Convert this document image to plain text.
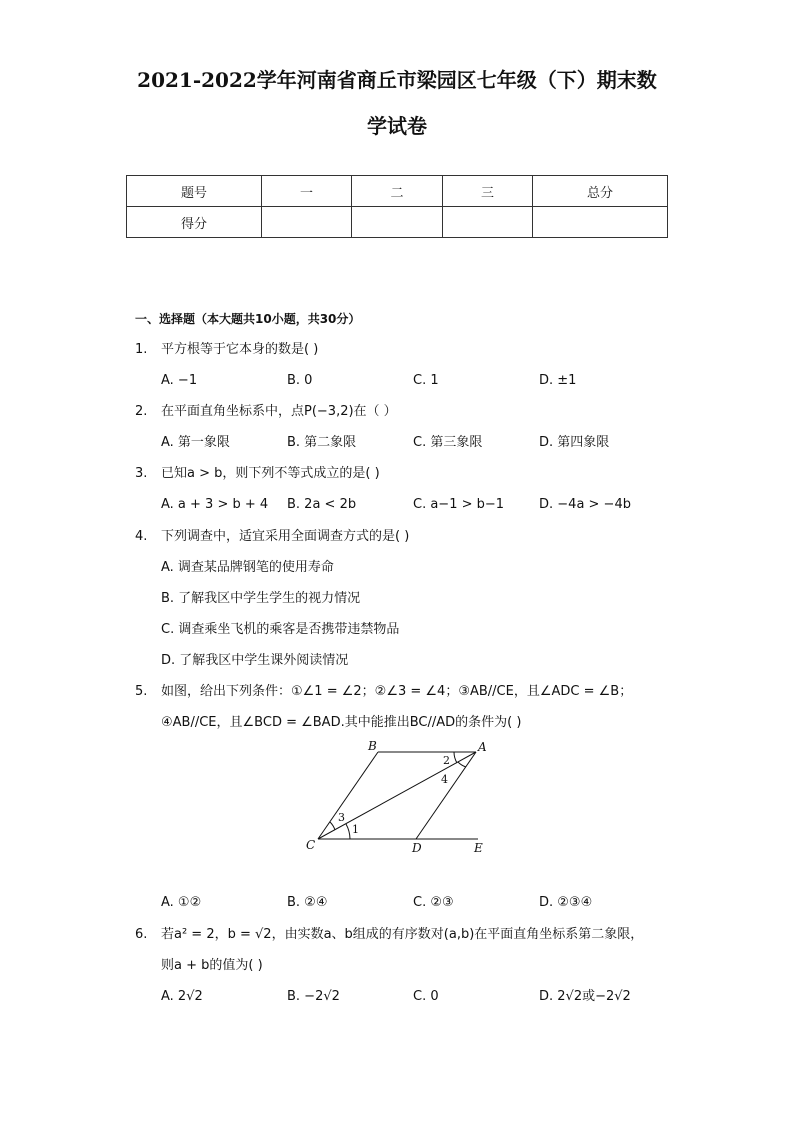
2021-2022学年河南省商丘市梁园区七年级（下）期末数
学试卷
题号	一	二	三	总分
得分				
一、选择题（本大题共10小题，共30分）
1. 平方根等于它本身的数是( )
A. −1	B. 0	C. 1	D. ±1
2. 在平面直角坐标系中，点P(−3,2)在（ ）
A. 第一象限	B. 第二象限	C. 第三象限	D. 第四象限
3. 已知a > b，则下列不等式成立的是( )
A. a + 3 > b + 4 B. 2a < 2b	C. a−1 > b−1	D. −4a > −4b
4. 下列调查中，适宜采用全面调查方式的是( )
A. 调查某品牌钢笔的使用寿命
B. 了解我区中学生学生的视力情况
C. 调查乘坐飞机的乘客是否携带违禁物品
D. 了解我区中学生课外阅读情况
5. 如图，给出下列条件：①∠1 = ∠2；②∠3 = ∠4；③AB//CE，且∠ADC = ∠B；
④AB//CE，且∠BCD = ∠BAD.其中能推出BC//AD的条件为( )
B	A
C	D	E
1
2
3
4
A. ①②	B. ②④	C. ②③	D. ②③④
6. 若a² = 2，b = √2，由实数a、b组成的有序数对(a,b)在平面直角坐标系第二象限，
则a + b的值为( )
A. 2√2	B. −2√2	C. 0	D. 2√2或−2√2
